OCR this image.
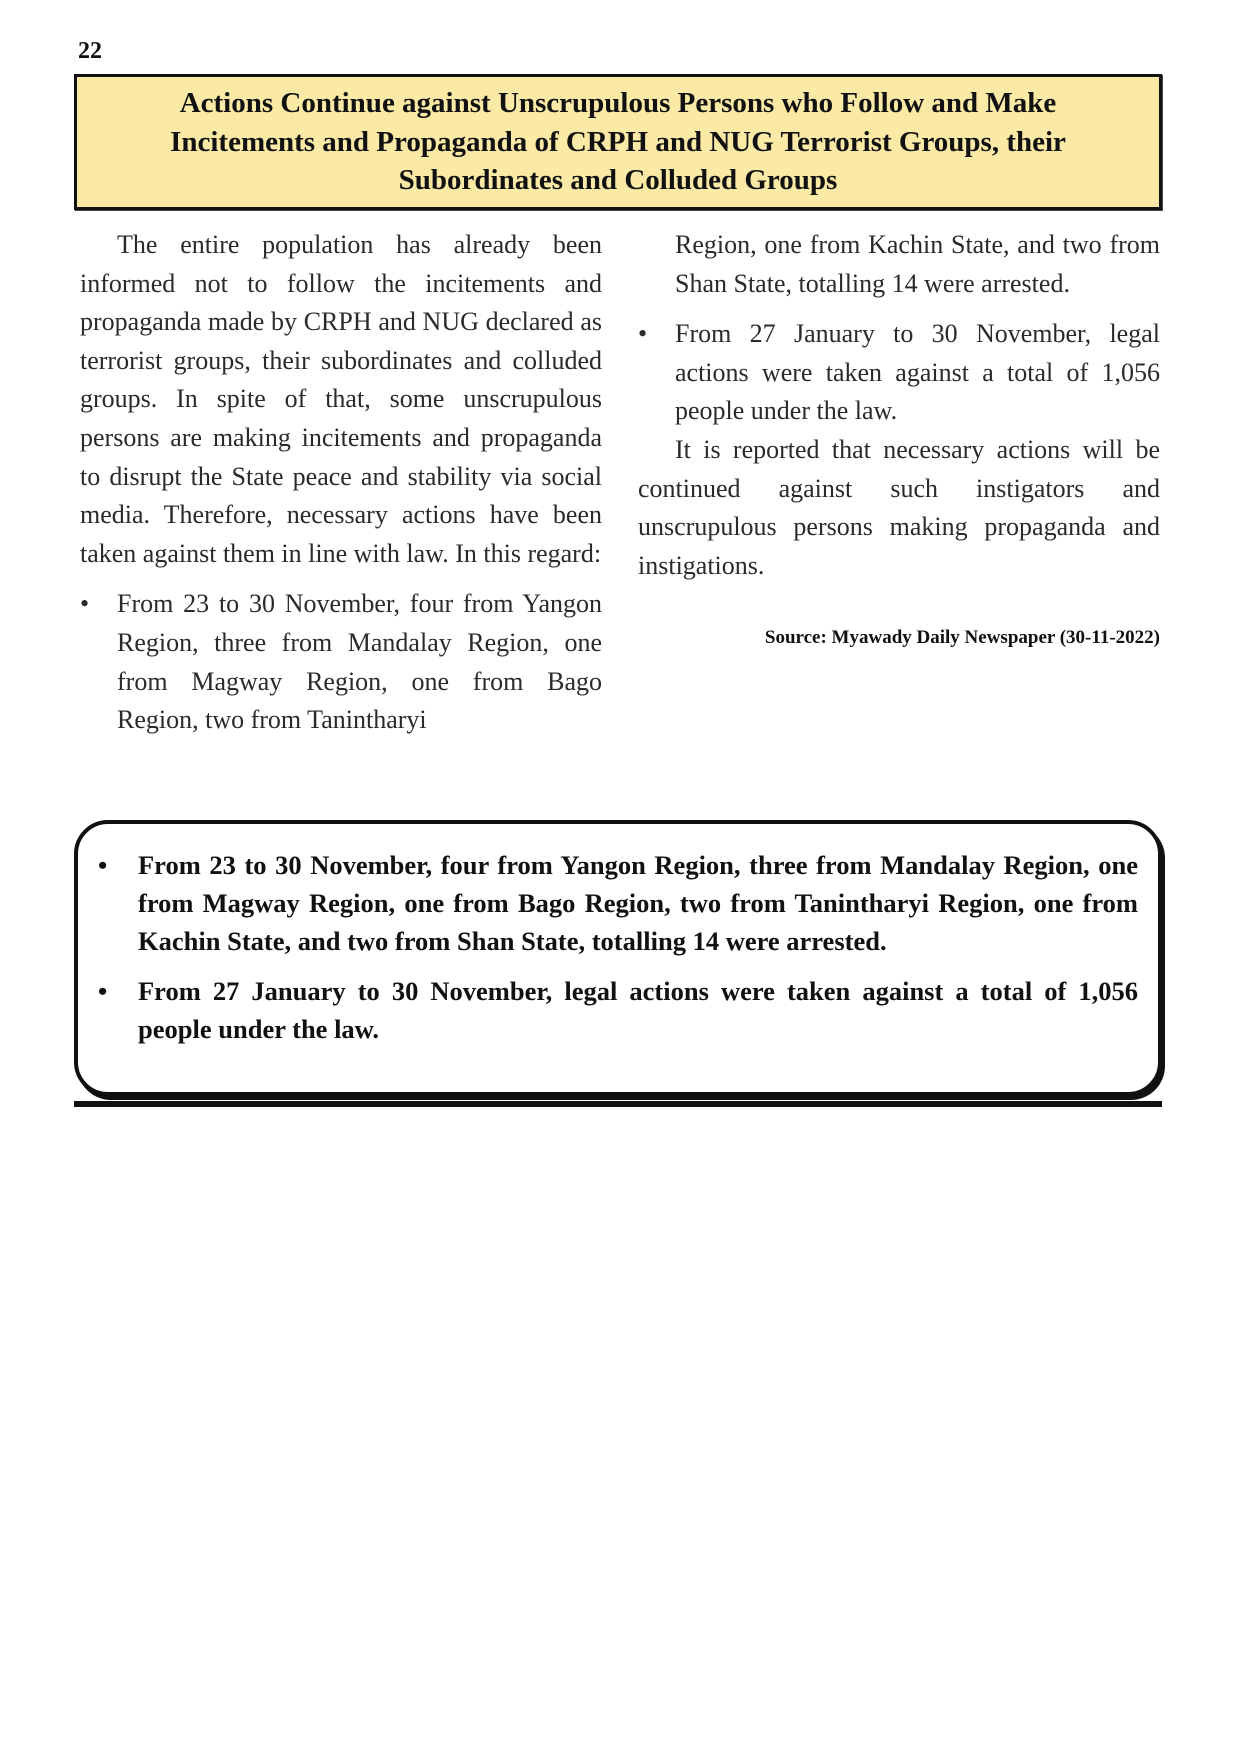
22
Actions Continue against Unscrupulous Persons who Follow and Make Incitements and Propaganda of CRPH and NUG Terrorist Groups, their Subordinates and Colluded Groups

The entire population has already been informed not to follow the incitements and propaganda made by CRPH and NUG declared as terrorist groups, their subordinates and colluded groups. In spite of that, some unscrupulous persons are making incitements and propaganda to disrupt the State peace and stability via social media. Therefore, necessary actions have been taken against them in line with law. In this regard:

•	From 23 to 30 November, four from Yangon Region, three from Mandalay Region, one from Magway Region, one from Bago Region, two from Tanintharyi

Region, one from Kachin State, and two from Shan State, totalling 14 were arrested.

•	From 27 January to 30 November, legal actions were taken against a total of 1,056 people under the law.

It is reported that necessary actions will be continued against such instigators and unscrupulous persons making propaganda and instigations.

Source: Myawady Daily Newspaper (30-11-2022)
•	From 23 to 30 November, four from Yangon Region, three from Mandalay Region, one from Magway Region, one from Bago Region, two from Tanintharyi Region, one from Kachin State, and two from Shan State, totalling 14 were arrested.
•	From 27 January to 30 November, legal actions were taken against a total of 1,056 people under the law.
